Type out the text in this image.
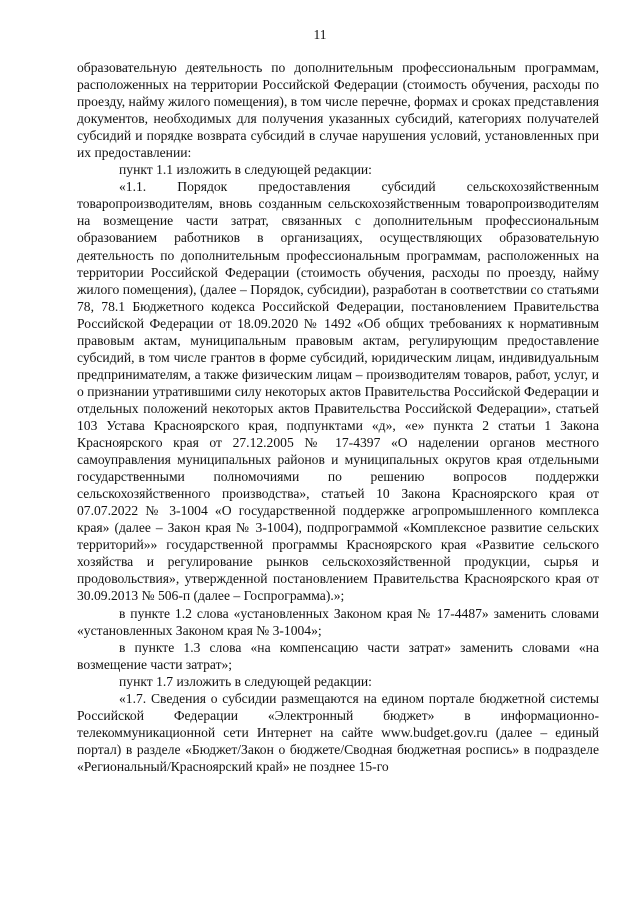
11

образовательную деятельность по дополнительным профессиональным программам, расположенных на территории Российской Федерации (стоимость обучения, расходы по проезду, найму жилого помещения), в том числе перечне, формах и сроках представления документов, необходимых для получения указанных субсидий, категориях получателей субсидий и порядке возврата субсидий в случае нарушения условий, установленных при их предоставлении:

пункт 1.1 изложить в следующей редакции:

«1.1. Порядок предоставления субсидий сельскохозяйственным товаропроизводителям, вновь созданным сельскохозяйственным товаропроизводителям на возмещение части затрат, связанных с дополнительным профессиональным образованием работников в организациях, осуществляющих образовательную деятельность по дополнительным профессиональным программам, расположенных на территории Российской Федерации (стоимость обучения, расходы по проезду, найму жилого помещения), (далее – Порядок, субсидии), разработан в соответствии со статьями 78, 78.1 Бюджетного кодекса Российской Федерации, постановлением Правительства Российской Федерации от 18.09.2020 № 1492 «Об общих требованиях к нормативным правовым актам, муниципальным правовым актам, регулирующим предоставление субсидий, в том числе грантов в форме субсидий, юридическим лицам, индивидуальным предпринимателям, а также физическим лицам – производителям товаров, работ, услуг, и о признании утратившими силу некоторых актов Правительства Российской Федерации и отдельных положений некоторых актов Правительства Российской Федерации», статьей 103 Устава Красноярского края, подпунктами «д», «е» пункта 2 статьи 1 Закона Красноярского края от 27.12.2005 № 17-4397 «О наделении органов местного самоуправления муниципальных районов и муниципальных округов края отдельными государственными полномочиями по решению вопросов поддержки сельскохозяйственного производства», статьей 10 Закона Красноярского края от 07.07.2022 № 3-1004 «О государственной поддержке агропромышленного комплекса края» (далее – Закон края № 3-1004), подпрограммой «Комплексное развитие сельских территорий»» государственной программы Красноярского края «Развитие сельского хозяйства и регулирование рынков сельскохозяйственной продукции, сырья и продовольствия», утвержденной постановлением Правительства Красноярского края от 30.09.2013 № 506-п (далее – Госпрограмма).»;

в пункте 1.2 слова «установленных Законом края № 17-4487» заменить словами «установленных Законом края № 3-1004»;

в пункте 1.3 слова «на компенсацию части затрат» заменить словами «на возмещение части затрат»;

пункт 1.7 изложить в следующей редакции:

«1.7. Сведения о субсидии размещаются на едином портале бюджетной системы Российской Федерации «Электронный бюджет» в информационно-телекоммуникационной сети Интернет на сайте www.budget.gov.ru (далее – единый портал) в разделе «Бюджет/Закон о бюджете/Сводная бюджетная роспись» в подразделе «Региональный/Красноярский край» не позднее 15-го
